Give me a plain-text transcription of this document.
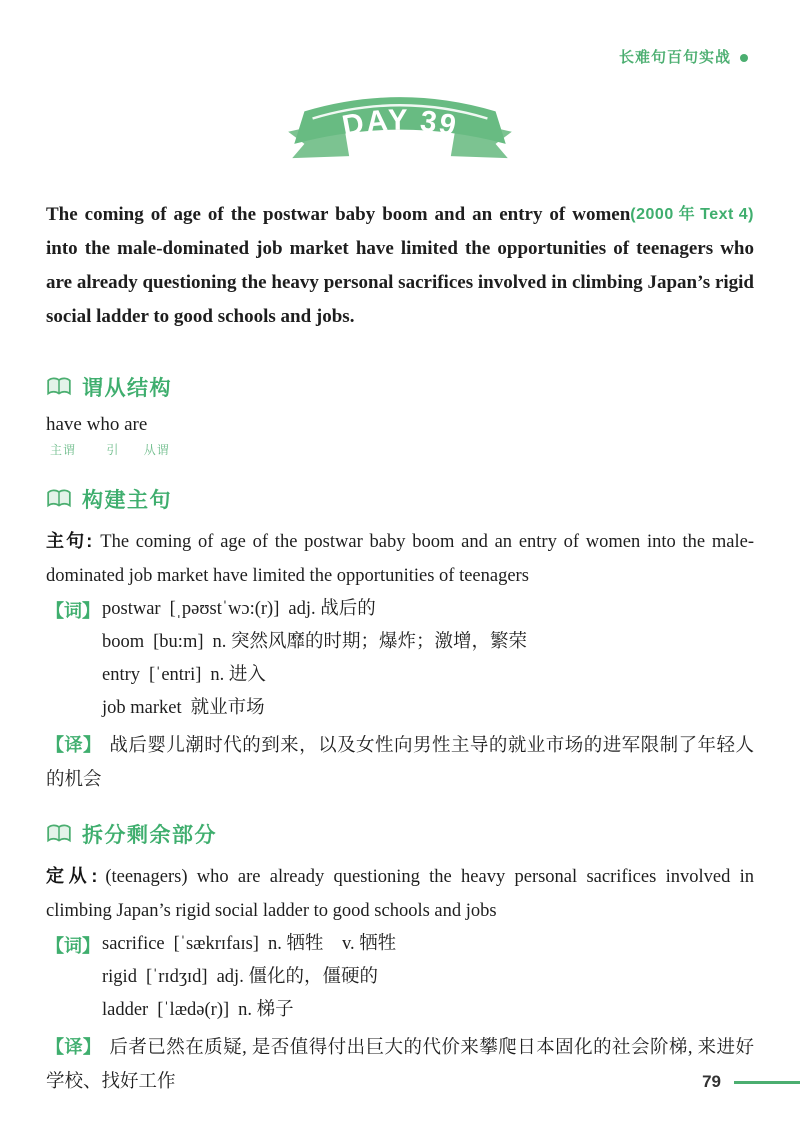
长难句百句实战
DAY 39

(2000 年 Text 4)
The coming of age of the postwar baby boom and an entry of women into the male-dominated job market have limited the opportunities of teenagers who are already questioning the heavy personal sacrifices involved in climbing Japan’s rigid social ladder to good schools and jobs.

谓从结构
have who are
主谓	引 从谓
构建主句

主句: The coming of age of the postwar baby boom and an entry of women into the male-dominated job market have limited the opportunities of teenagers

【词】 postwar [ˌpəʊstˈwɔ:(r)] adj. 战后的
boom [bu:m] n. 突然风靡的时期；爆炸；激增，繁荣
entry [ˈentri] n. 进入
job market 就业市场

【译】 战后婴儿潮时代的到来，以及女性向男性主导的就业市场的进军限制了年轻人的机会

拆分剩余部分

定从: (teenagers) who are already questioning the heavy personal sacrifices involved in climbing Japan’s rigid social ladder to good schools and jobs

【词】 sacrifice [ˈsækrɪfaɪs] n. 牺牲　v. 牺牲
rigid [ˈrɪdʒɪd] adj. 僵化的，僵硬的
ladder [ˈlædə(r)] n. 梯子

【译】 后者已然在质疑, 是否值得付出巨大的代价来攀爬日本固化的社会阶梯, 来进好学校、找好工作	79
